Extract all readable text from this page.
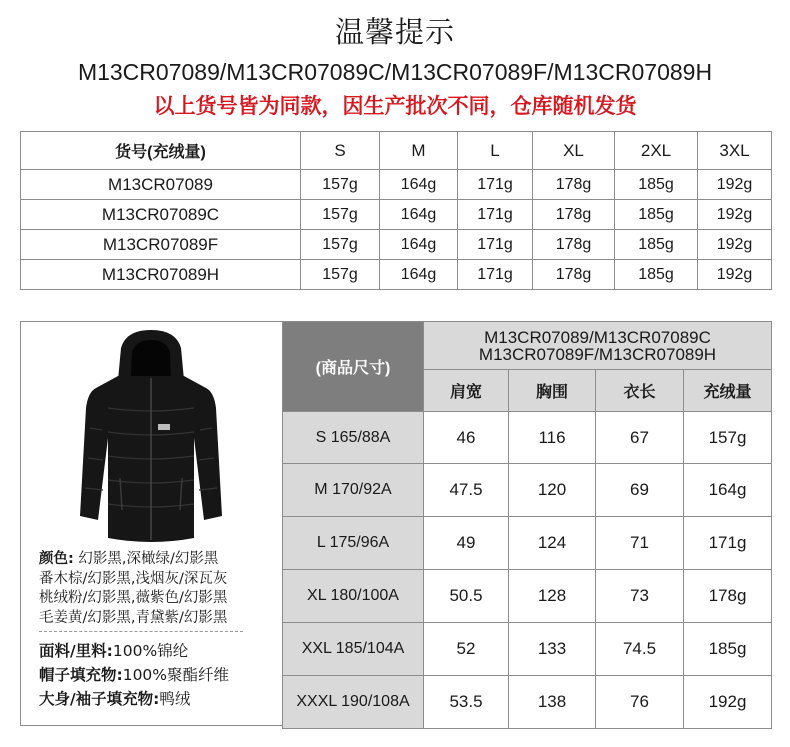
温馨提示
M13CR07089/M13CR07089C/M13CR07089F/M13CR07089H
以上货号皆为同款，因生产批次不同，仓库随机发货
货号(充绒量)	S	M	L	XL	2XL	3XL
M13CR07089	157g	164g	171g	178g	185g	192g
M13CR07089C	157g	164g	171g	178g	185g	192g
M13CR07089F	157g	164g	171g	178g	185g	192g
M13CR07089H	157g	164g	171g	178g	185g	192g
颜色: 幻影黑,深橄绿/幻影黑
番木棕/幻影黑,浅烟灰/深瓦灰
桃绒粉/幻影黑,薇紫色/幻影黑
毛姜黄/幻影黑,青黛紫/幻影黑
面料/里料:100%锦纶
帽子填充物:100%聚酯纤维
大身/袖子填充物:鸭绒
(商品尺寸)	M13CR07089/M13CR07089C
M13CR07089F/M13CR07089H			

	肩宽	胸围	衣长	充绒量
S 165/88A	46	116	67	157g
M 170/92A	47.5	120	69	164g
L 175/96A	49	124	71	171g
XL 180/100A	50.5	128	73	178g
XXL 185/104A	52	133	74.5	185g
XXXL 190/108A	53.5	138	76	192g
